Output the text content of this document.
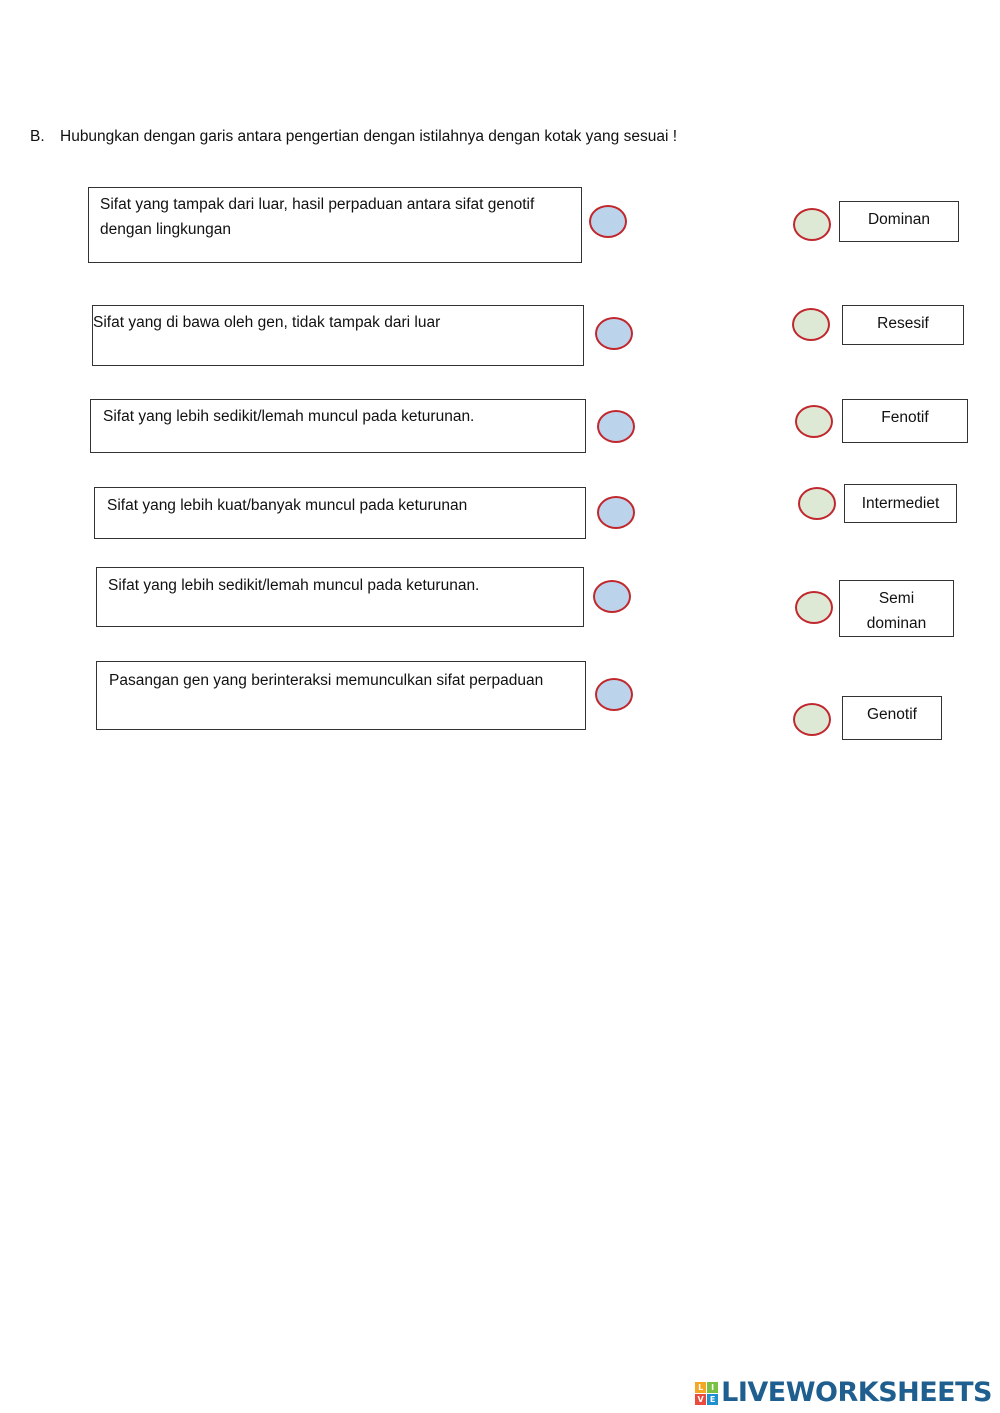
B. Hubungkan dengan garis antara pengertian dengan istilahnya dengan kotak yang sesuai !
Sifat yang tampak dari luar, hasil perpaduan antara sifat genotif
dengan lingkungan
Sifat yang di bawa oleh gen, tidak tampak dari luar
Sifat yang lebih sedikit/lemah muncul pada keturunan.
Sifat yang lebih kuat/banyak muncul pada keturunan
Sifat yang lebih sedikit/lemah muncul pada keturunan.
Pasangan gen yang berinteraksi memunculkan sifat perpaduan
Dominan
Resesif
Fenotif
Intermediet
Semi
dominan
Genotif
L I
V E LIVEWORKSHEETS
